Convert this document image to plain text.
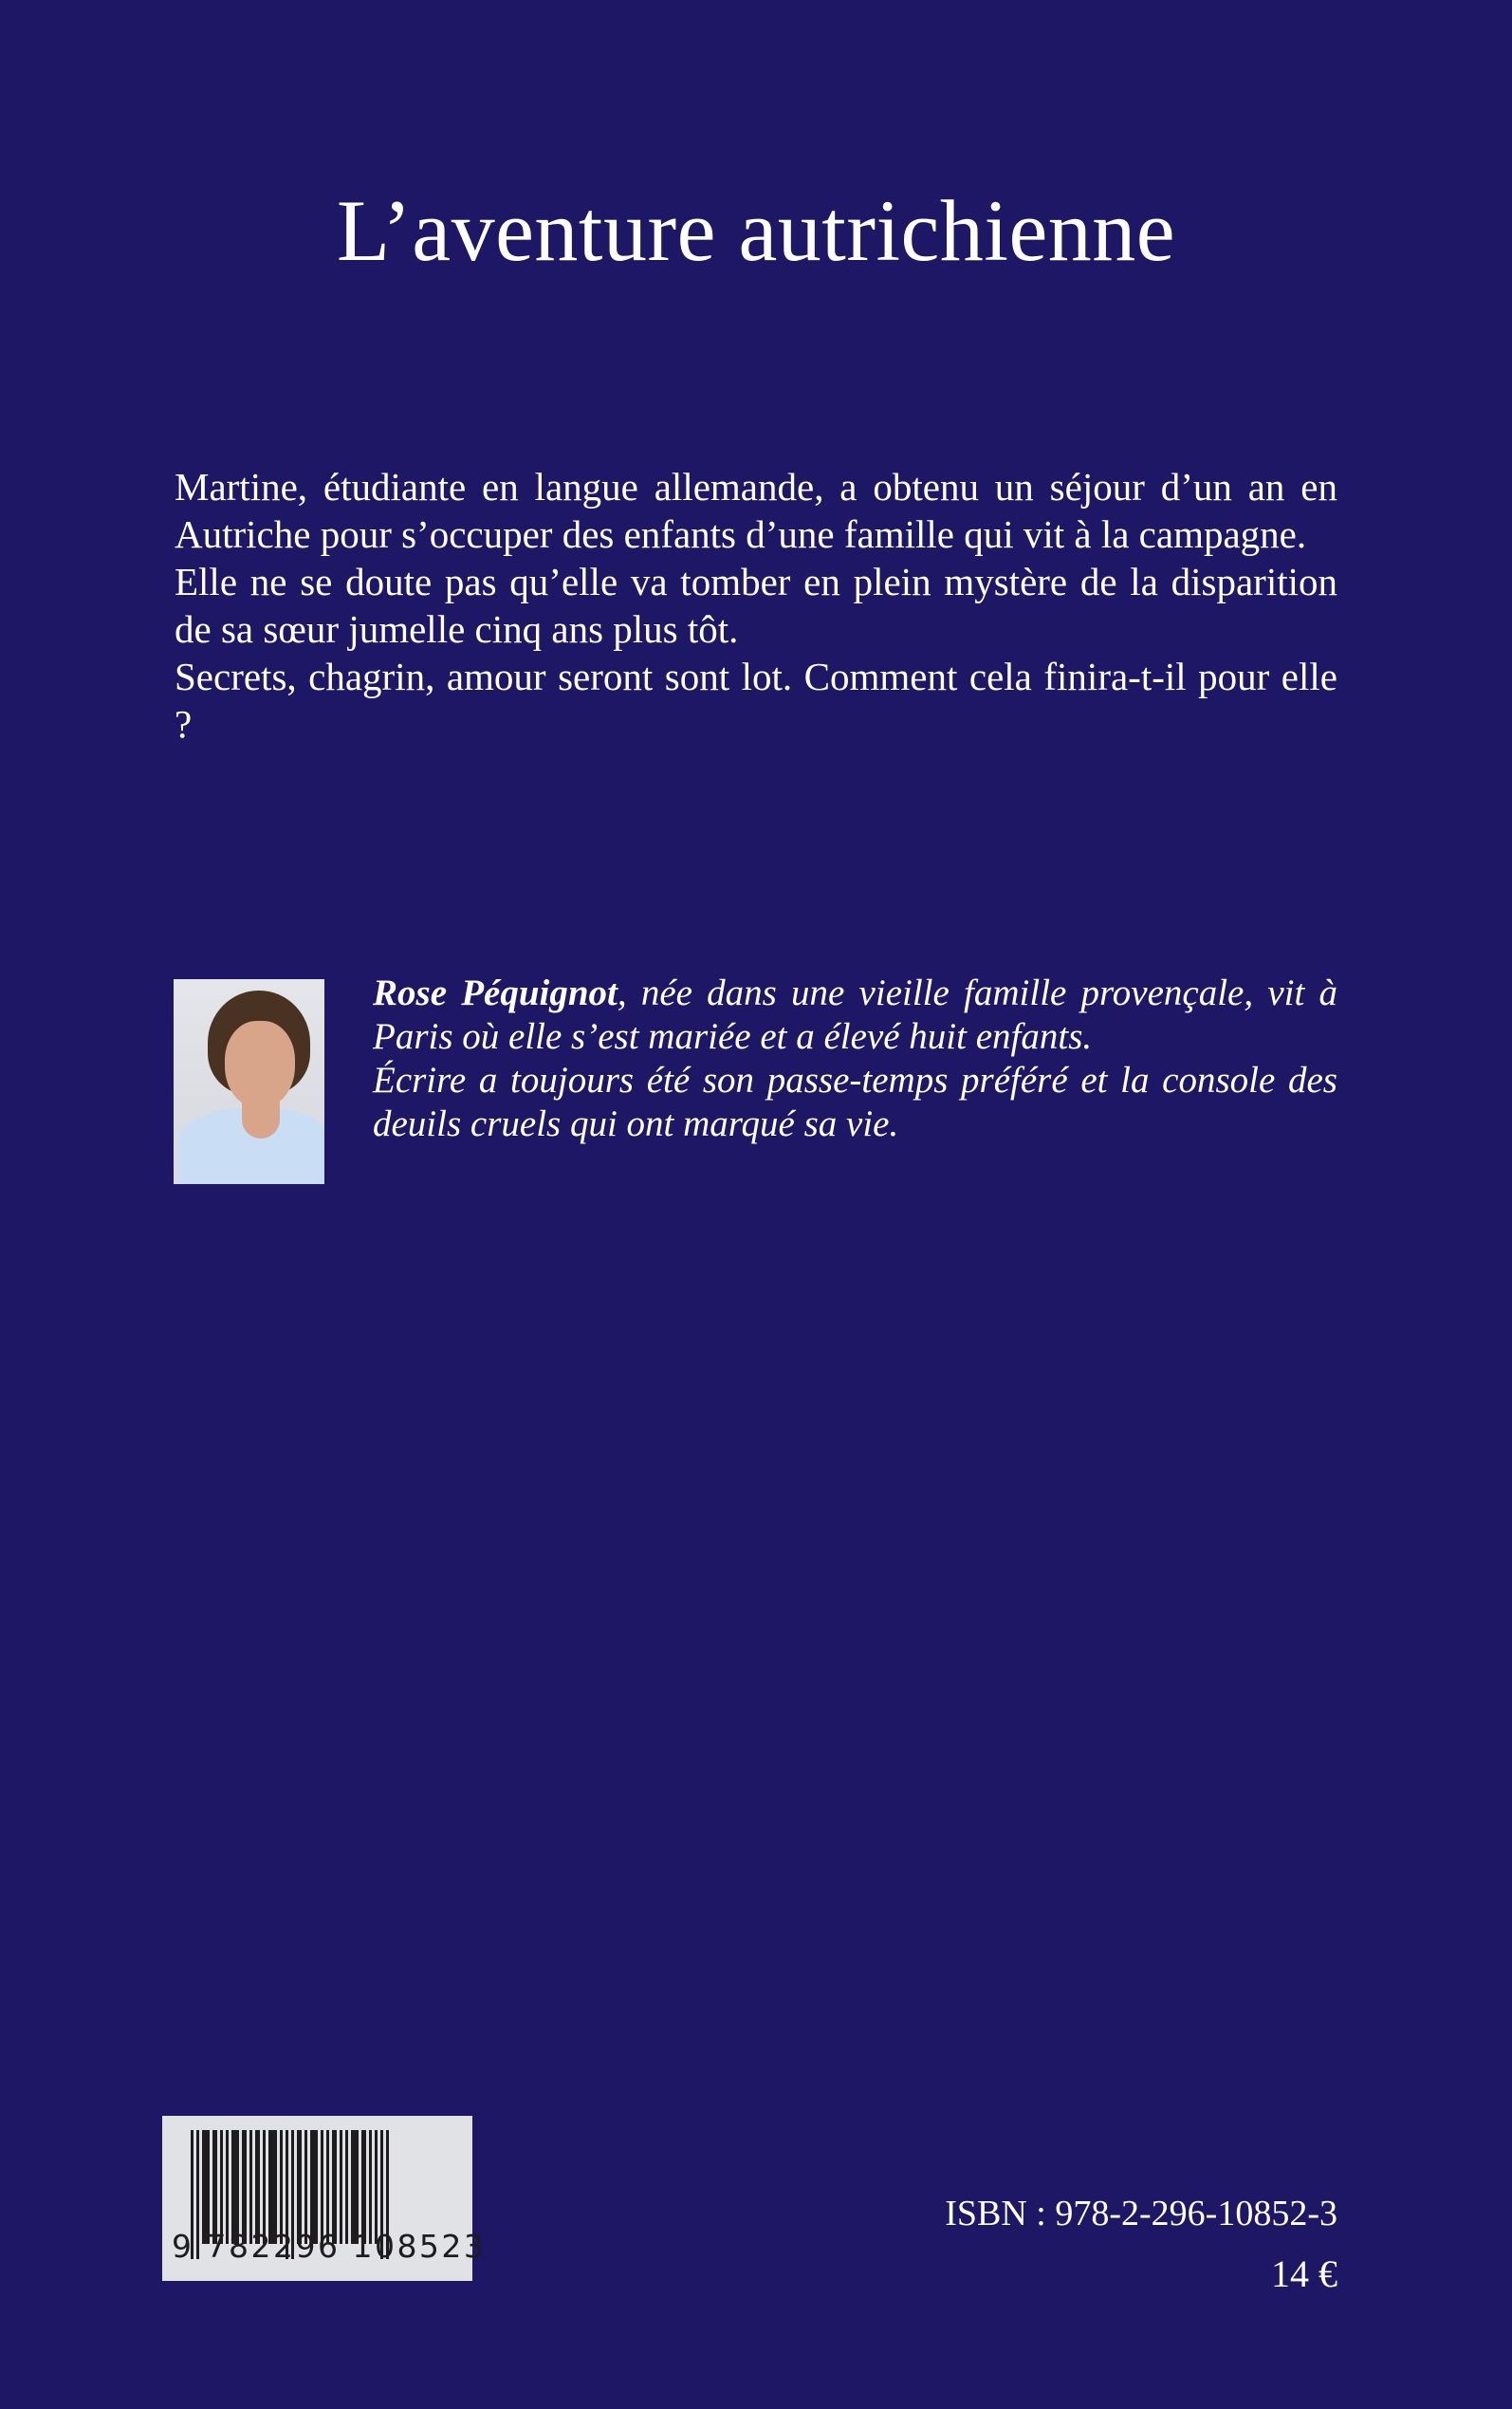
L’aventure autrichienne

Martine, étudiante en langue allemande, a obtenu un séjour d’un an en Autriche pour s’occuper des enfants d’une famille qui vit à la campagne.

Elle ne se doute pas qu’elle va tomber en plein mystère de la disparition de sa sœur jumelle cinq ans plus tôt.

Secrets, chagrin, amour seront sont lot. Comment cela finira-t-il pour elle ?

Rose Péquignot, née dans une vieille famille provençale, vit à Paris où elle s’est mariée et a élevé huit enfants.

Écrire a toujours été son passe-temps préféré et la console des deuils cruels qui ont marqué sa vie.

9 782296 108523
ISBN : 978-2-296-10852-3
14 €
